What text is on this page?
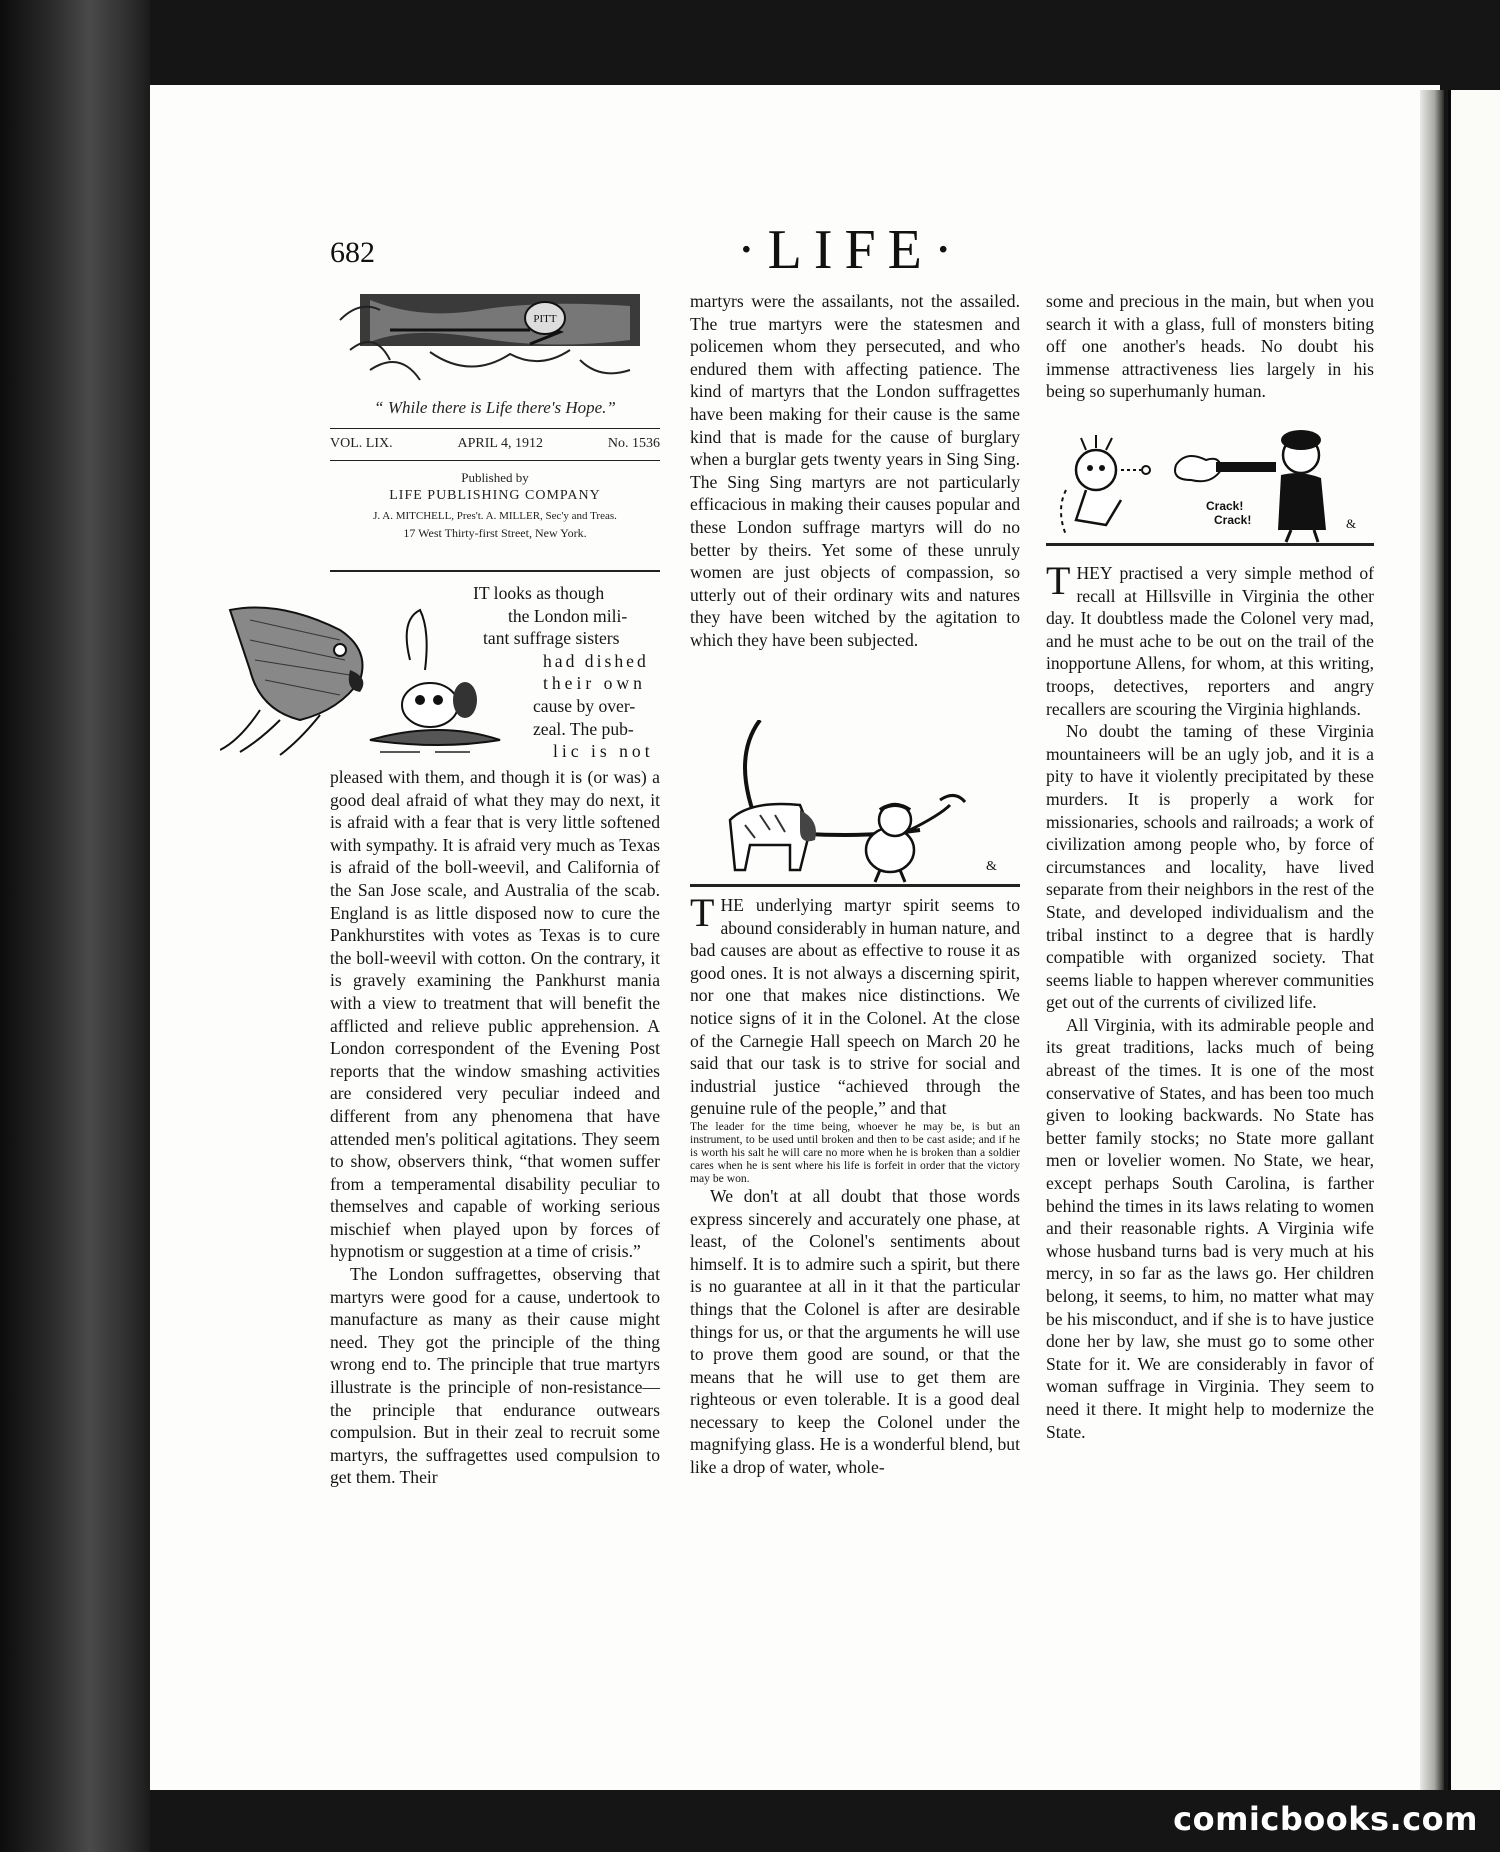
682	·LIFE·
PITT
“ While there is Life there's Hope.”
VOL. LIX.	APRIL 4, 1912	No. 1536
Published by
LIFE PUBLISHING COMPANY
J. A. MITCHELL, Pres't. A. MILLER, Sec'y and Treas.
17 West Thirty-first Street, New York.
IT looks as though
the London mili-
tant suffrage sisters
had dished
their own
cause by over-
zeal. The pub-
lic is not

pleased with them, and though it is (or was) a good deal afraid of what they may do next, it is afraid with a fear that is very little softened with sympathy. It is afraid very much as Texas is afraid of the boll-weevil, and California of the San Jose scale, and Australia of the scab. England is as little disposed now to cure the Pankhurstites with votes as Texas is to cure the boll-weevil with cotton. On the contrary, it is gravely examining the Pankhurst mania with a view to treatment that will benefit the afflicted and relieve public apprehension. A London correspondent of the Evening Post reports that the window smashing activities are considered very peculiar indeed and different from any phenomena that have attended men's political agitations. They seem to show, observers think, “that women suffer from a temperamental disability peculiar to themselves and capable of working serious mischief when played upon by forces of hypnotism or suggestion at a time of crisis.”

The London suffragettes, observing that martyrs were good for a cause, undertook to manufacture as many as their cause might need. They got the principle of the thing wrong end to. The principle that true martyrs illustrate is the principle of non-resistance—the principle that endurance outwears compulsion. But in their zeal to recruit some martyrs, the suffragettes used compulsion to get them. Their

martyrs were the assailants, not the assailed. The true martyrs were the statesmen and policemen whom they persecuted, and who endured them with affecting patience. The kind of martyrs that the London suffragettes have been making for their cause is the same kind that is made for the cause of burglary when a burglar gets twenty years in Sing Sing. The Sing Sing martyrs are not particularly efficacious in making their causes popular and these London suffrage martyrs will do no better by theirs. Yet some of these unruly women are just objects of compassion, so utterly out of their ordinary wits and natures they have been witched by the agitation to which they have been subjected.

&

THE underlying martyr spirit seems to abound considerably in human nature, and bad causes are about as effective to rouse it as good ones. It is not always a discerning spirit, nor one that makes nice distinctions. We notice signs of it in the Colonel. At the close of the Carnegie Hall speech on March 20 he said that our task is to strive for social and industrial justice “achieved through the genuine rule of the people,” and that

The leader for the time being, whoever he may be, is but an instrument, to be used until broken and then to be cast aside; and if he is worth his salt he will care no more when he is broken than a soldier cares when he is sent where his life is forfeit in order that the victory may be won.

We don't at all doubt that those words express sincerely and accurately one phase, at least, of the Colonel's sentiments about himself. It is to admire such a spirit, but there is no guarantee at all in it that the particular things that the Colonel is after are desirable things for us, or that the arguments he will use to prove them good are sound, or that the means that he will use to get them are righteous or even tolerable. It is a good deal necessary to keep the Colonel under the magnifying glass. He is a wonderful blend, but like a drop of water, whole-

some and precious in the main, but when you search it with a glass, full of monsters biting off one another's heads. No doubt his immense attractiveness lies largely in his being so superhumanly human.

Crack!
Crack!	&

THEY practised a very simple method of recall at Hillsville in Virginia the other day. It doubtless made the Colonel very mad, and he must ache to be out on the trail of the inopportune Allens, for whom, at this writing, troops, detectives, reporters and angry recallers are scouring the Virginia highlands.

No doubt the taming of these Virginia mountaineers will be an ugly job, and it is a pity to have it violently precipitated by these murders. It is properly a work for missionaries, schools and railroads; a work of civilization among people who, by force of circumstances and locality, have lived separate from their neighbors in the rest of the State, and developed individualism and the tribal instinct to a degree that is hardly compatible with organized society. That seems liable to happen wherever communities get out of the currents of civilized life.

All Virginia, with its admirable people and its great traditions, lacks much of being abreast of the times. It is one of the most conservative of States, and has been too much given to looking backwards. No State has better family stocks; no State more gallant men or lovelier women. No State, we hear, except perhaps South Carolina, is farther behind the times in its laws relating to women and their reasonable rights. A Virginia wife whose husband turns bad is very much at his mercy, in so far as the laws go. Her children belong, it seems, to him, no matter what may be his misconduct, and if she is to have justice done her by law, she must go to some other State for it. We are considerably in favor of woman suffrage in Virginia. They seem to need it there. It might help to modernize the State.

comicbooks.com
